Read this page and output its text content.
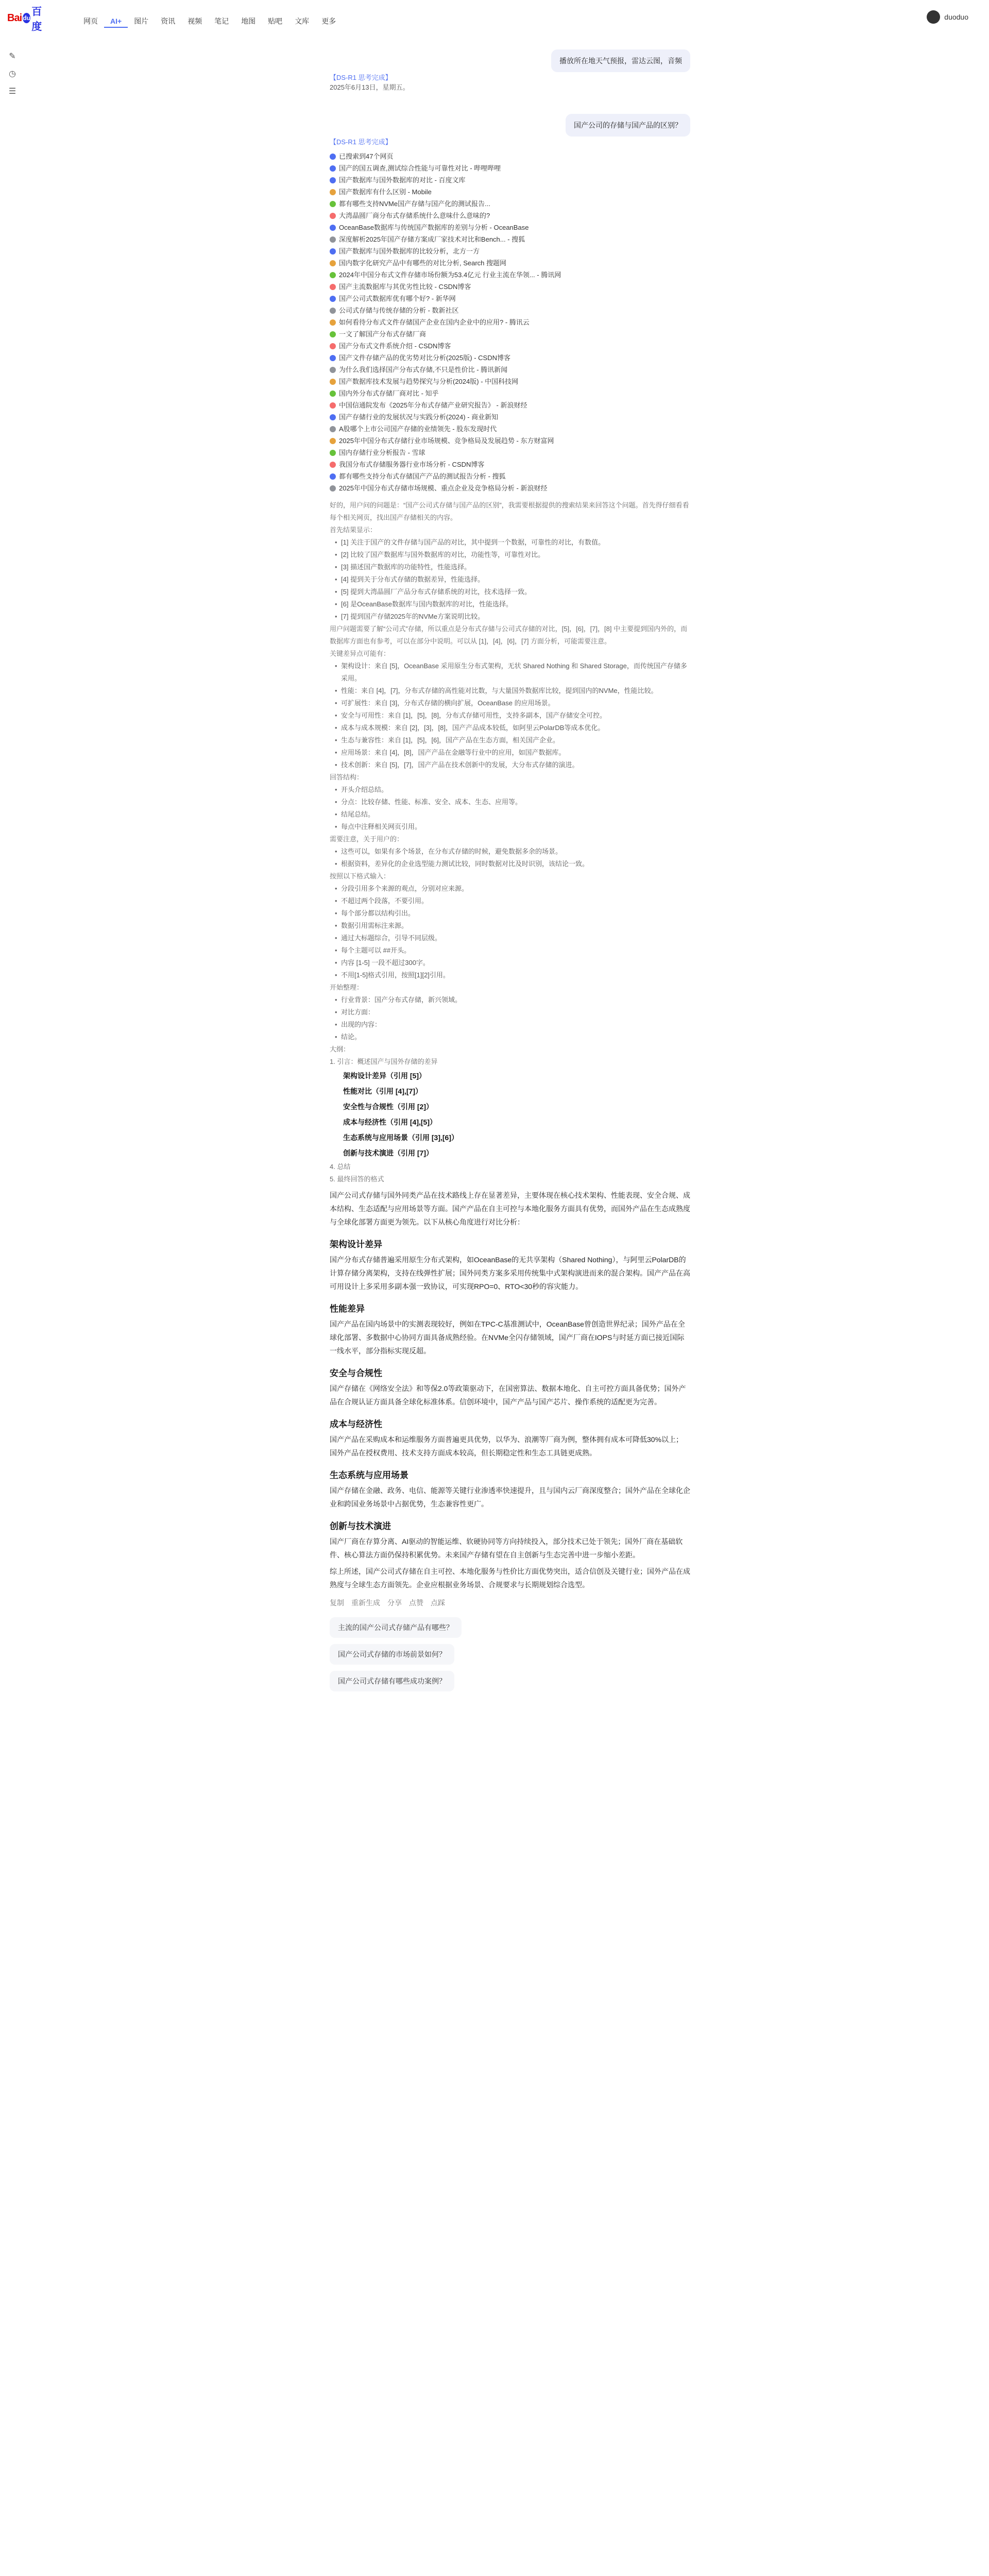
Bai du
百度	网页	AI+	图片	资讯	视频	笔记	地图	贴吧	文库	更多	duoduo
✎
◷
☰
播放所在地天气预报，雷达云图，音频
【DS-R1 思考完成】
2025年6月13日，星期五。
国产公司的存储与国产品的区别？
【DS-R1 思考完成】
已搜索到47个网页
国产的国五调查,测试综合性能与可靠性对比 - 哔哩哔哩
国产数据库与国外数据库的对比 - 百度文库
国产数据库有什么区别 - Mobile
都有哪些支持NVMe国产存储与国产化的测试报告...
大湾晶圆厂商分布式存储系统什么意味什么意味的?
OceanBase数据库与传统国产数据库的差别与分析 - OceanBase
深度解析2025年国产存储方案成厂家技术对比和Bench... - 搜狐
国产数据库与国外数据库的比较分析，北方一方
国内数字化研究产品中有哪些的对比分析, Search 搜题网
2024年中国分布式文件存储市场份额为53.4亿元 行业主流在华领... - 腾讯网
国产主流数据库与其优劣性比较 - CSDN博客
国产公司式数据库优有哪个好? - 新华网
公司式存储与传统存储的分析 - 数新社区
如何看待分布式文件存储国产企业在国内企业中的应用? - 腾讯云
一文了解国产分布式存储厂商
国产分布式文件系统介绍 - CSDN博客
国产文件存储产品的优劣势对比分析(2025版) - CSDN博客
为什么我们选择国产分布式存储,不只是性价比 - 腾讯新闻
国产数据库技术发展与趋势探究与分析(2024版) - 中国科技网
国内外分布式存储厂商对比 - 知乎
中国信通院发布《2025年分布式存储产业研究报告》 - 新浪财经
国产存储行业的发展状况与实践分析(2024) - 商业新知
A股哪个上市公司国产存储的业绩领先 - 股东发现时代
2025年中国分布式存储行业市场规模、竞争格局及发展趋势 - 东方财富网
国内存储行业分析报告 - 雪球
我国分布式存储服务器行业市场分析 - CSDN博客
都有哪些支持分布式存储国产产品的测试报告分析 - 搜狐
2025年中国分布式存储市场规模、重点企业及竞争格局分析 - 新浪财经
好的，用户问的问题是：“国产公司式存储与国产品的区别”，我需要根据提供的搜索结果来回答这个问题。首先得仔细看看每个相关网页，找出国产存储相关的内容。
首先结果显示：
• [1] 关注于国产的文件存储与国产品的对比，其中提到一个数据，可靠性的对比，有数值。
• [2] 比较了国产数据库与国外数据库的对比，功能性等，可靠性对比。
• [3] 描述国产数据库的功能特性，性能选择。
• [4] 提到关于分布式存储的数据差异，性能选择。
• [5] 提到大湾晶圆厂产品分布式存储系统的对比，技术选择一致。
• [6] 是OceanBase数据库与国内数据库的对比，性能选择。
• [7] 提到国产存储2025年的NVMe方案说明比较。
用户问题需要了解“公司式”存储，所以重点是分布式存储与公司式存储的对比，[5]，[6]，[7]，[8] 中主要提到国内外的，而数据库方面也有参考，可以在部分中说明。可以从 [1]，[4]，[6]，[7] 方面分析，可能需要注意。
关键差异点可能有：
• 架构设计：来自 [5]，OceanBase 采用原生分布式架构，无状 Shared Nothing 和 Shared Storage，而传统国产存储多采用。
• 性能：来自 [4]，[7]，分布式存储的高性能对比数，与大量国外数据库比较，提到国内的NVMe，性能比较。
• 可扩展性：来自 [3]，分布式存储的横向扩展，OceanBase 的应用场景。
• 安全与可用性：来自 [1]，[5]，[8]，分布式存储可用性，支持多副本，国产存储安全可控。
• 成本与成本规模：来自 [2]，[3]，[8]，国产产品成本较低，如阿里云PolarDB等成本优化。
• 生态与兼容性：来自 [1]，[5]，[6]，国产产品在生态方面，相关国产企业。
• 应用场景：来自 [4]，[8]，国产产品在金融等行业中的应用，如国产数据库。
• 技术创新：来自 [5]，[7]，国产产品在技术创新中的发展，大分布式存储的演进。
回答结构：
• 开头介绍总结。
• 分点：比较存储、性能、标准、安全、成本、生态、应用等。
• 结尾总结。
• 每点中注释相关网页引用。
需要注意，关于用户的：
• 这些可以，如果有多个场景，在分布式存储的时候，避免数据多余的场景。
• 根据资料，差异化的企业选型能力测试比较，同时数据对比及时识别，该结论一致。
按照以下格式输入：
• 分段引用多个来源的观点，分别对应来源。
• 不超过两个段落，不要引用。
• 每个部分都以结构引出。
• 数据引用需标注来源。
• 通过大标题综合，引导不同层级。
• 每个主题可以 ##开头。
• 内容 [1-5] 一段不超过300字。
• 不用[1-5]格式引用，按照[1][2]引用。
开始整理：
• 行业背景：国产分布式存储，新兴领域。
• 对比方面：
• 出现的内容：
• 结论。
大纲：
1. 引言：概述国产与国外存储的差异
架构设计差异（引用 [5]）
性能对比（引用 [4],[7]）
安全性与合规性（引用 [2]）
成本与经济性（引用 [4],[5]）
生态系统与应用场景（引用 [3],[6]）
创新与技术演进（引用 [7]）
4. 总结
5. 最终回答的格式

国产公司式存储与国外同类产品在技术路线上存在显著差异，主要体现在核心技术架构、性能表现、安全合规、成本结构、生态适配与应用场景等方面。国产产品在自主可控与本地化服务方面具有优势，而国外产品在生态成熟度与全球化部署方面更为领先。以下从核心角度进行对比分析：

架构设计差异

国产分布式存储普遍采用原生分布式架构，如OceanBase的无共享架构（Shared Nothing），与阿里云PolarDB的计算存储分离架构，支持在线弹性扩展；国外同类方案多采用传统集中式架构演进而来的混合架构。国产产品在高可用设计上多采用多副本强一致协议，可实现RPO=0、RTO<30秒的容灾能力。

性能差异

国产产品在国内场景中的实测表现较好，例如在TPC-C基准测试中，OceanBase曾创造世界纪录；国外产品在全球化部署、多数据中心协同方面具备成熟经验。在NVMe全闪存储领域，国产厂商在IOPS与时延方面已接近国际一线水平，部分指标实现反超。

安全与合规性

国产存储在《网络安全法》和等保2.0等政策驱动下，在国密算法、数据本地化、自主可控方面具备优势；国外产品在合规认证方面具备全球化标准体系。信创环境中，国产产品与国产芯片、操作系统的适配更为完善。

成本与经济性

国产产品在采购成本和运维服务方面普遍更具优势，以华为、浪潮等厂商为例，整体拥有成本可降低30%以上；国外产品在授权费用、技术支持方面成本较高，但长期稳定性和生态工具链更成熟。

生态系统与应用场景

国产存储在金融、政务、电信、能源等关键行业渗透率快速提升，且与国内云厂商深度整合；国外产品在全球化企业和跨国业务场景中占据优势，生态兼容性更广。

创新与技术演进

国产厂商在存算分离、AI驱动的智能运维、软硬协同等方向持续投入，部分技术已处于领先；国外厂商在基础软件、核心算法方面仍保持积累优势。未来国产存储有望在自主创新与生态完善中进一步缩小差距。

综上所述，国产公司式存储在自主可控、本地化服务与性价比方面优势突出，适合信创及关键行业；国外产品在成熟度与全球生态方面领先。企业应根据业务场景、合规要求与长期规划综合选型。

复制 重新生成 分享 点赞 点踩
主流的国产公司式存储产品有哪些？
国产公司式存储的市场前景如何？
国产公司式存储有哪些成功案例？
